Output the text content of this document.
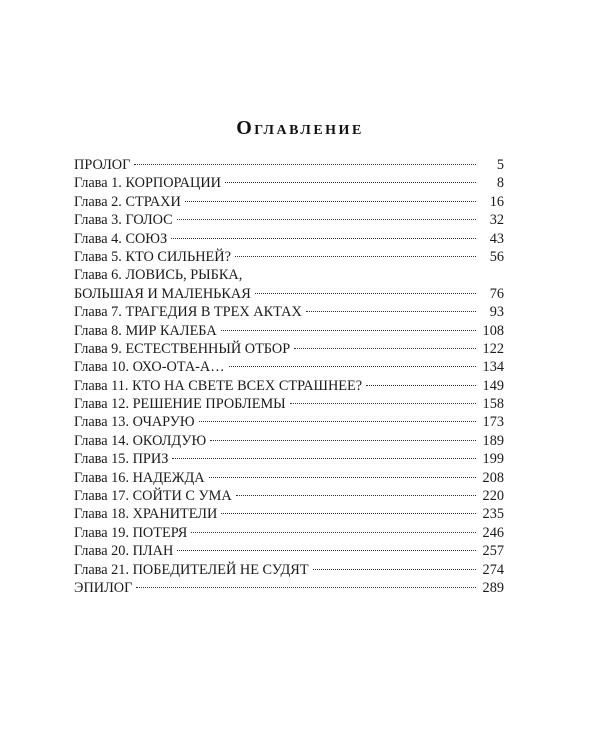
Оглавление
ПРОЛОГ	5
Глава 1. КОРПОРАЦИИ	8
Глава 2. СТРАХИ	16
Глава 3. ГОЛОС	32
Глава 4. СОЮЗ	43
Глава 5. КТО СИЛЬНЕЙ?	56
Глава 6. ЛОВИСЬ, РЫБКА,
БОЛЬШАЯ И МАЛЕНЬКАЯ	76
Глава 7. ТРАГЕДИЯ В ТРЕХ АКТАХ	93
Глава 8. МИР КАЛЕБА	108
Глава 9. ЕСТЕСТВЕННЫЙ ОТБОР	122
Глава 10. ОХО-ОТА-А…	134
Глава 11. КТО НА СВЕТЕ ВСЕХ СТРАШНЕЕ?	149
Глава 12. РЕШЕНИЕ ПРОБЛЕМЫ	158
Глава 13. ОЧАРУЮ	173
Глава 14. ОКОЛДУЮ	189
Глава 15. ПРИЗ	199
Глава 16. НАДЕЖДА	208
Глава 17. СОЙТИ С УМА	220
Глава 18. ХРАНИТЕЛИ	235
Глава 19. ПОТЕРЯ	246
Глава 20. ПЛАН	257
Глава 21. ПОБЕДИТЕЛЕЙ НЕ СУДЯТ	274
ЭПИЛОГ	289
